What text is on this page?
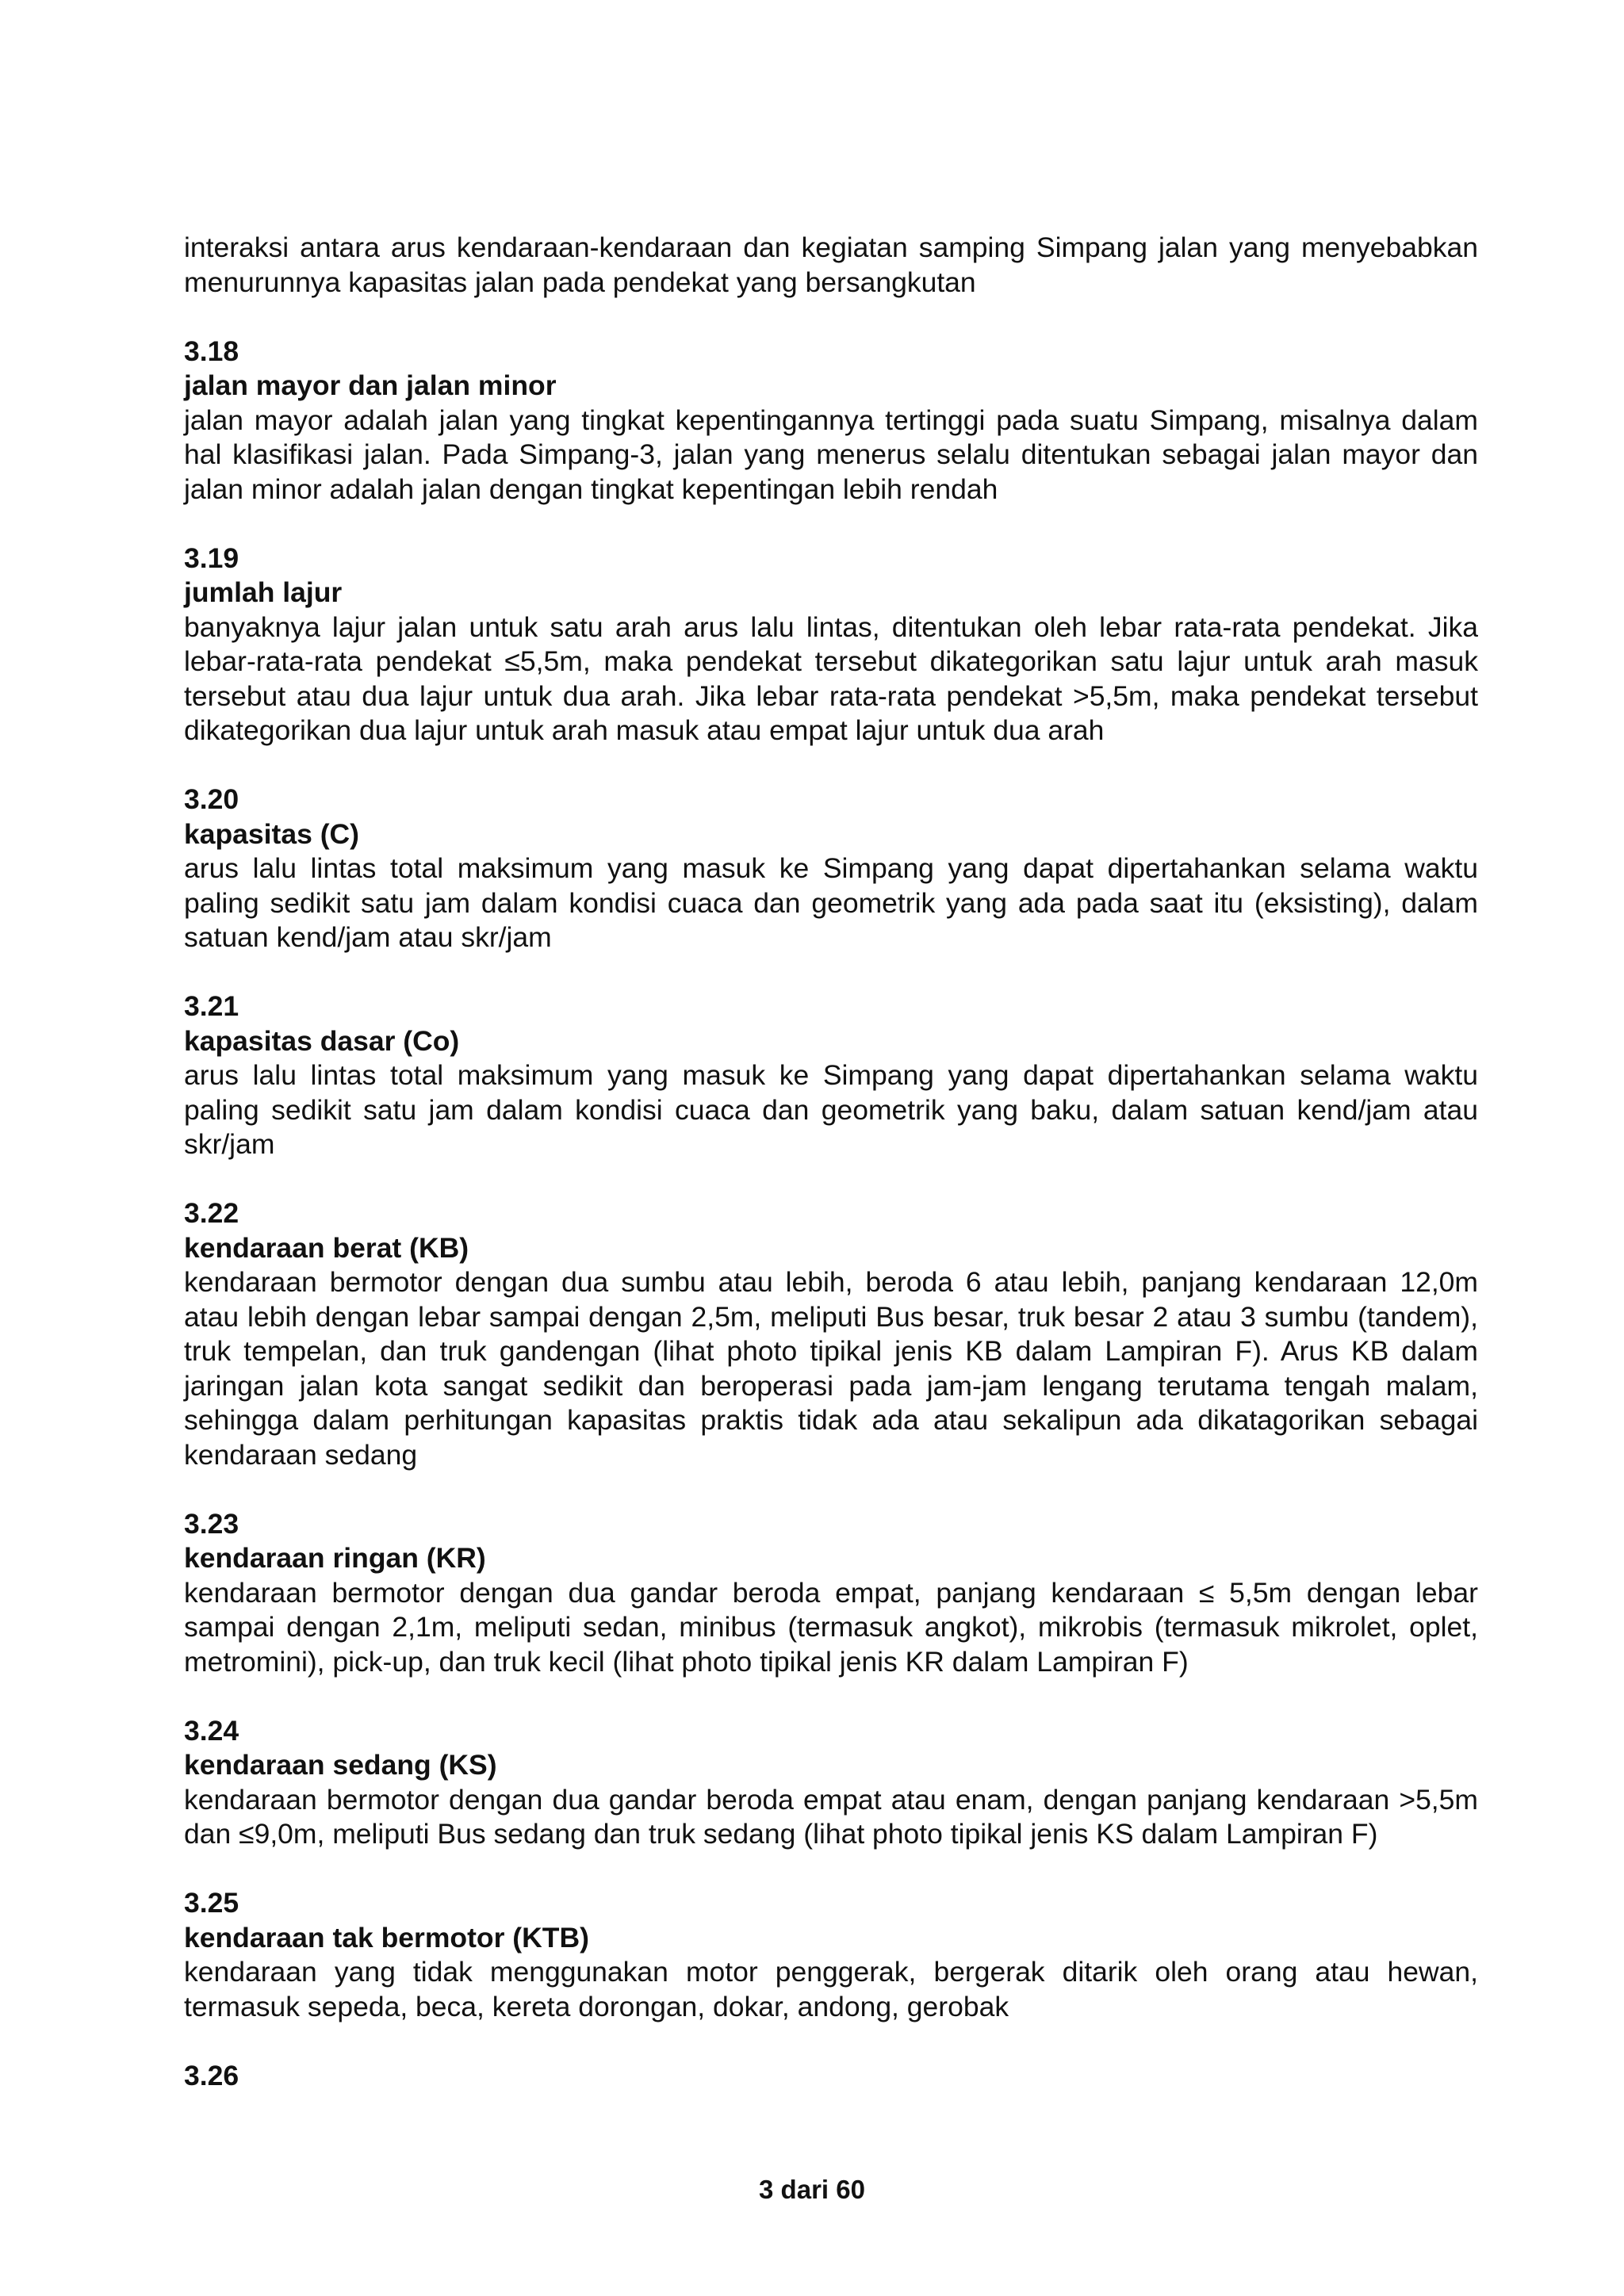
interaksi antara arus kendaraan-kendaraan dan kegiatan samping Simpang jalan yang menyebabkan menurunnya kapasitas jalan pada pendekat yang bersangkutan

3.18

jalan mayor dan jalan minor

jalan mayor adalah jalan yang tingkat kepentingannya tertinggi pada suatu Simpang, misalnya dalam hal klasifikasi jalan. Pada Simpang-3, jalan yang menerus selalu ditentukan sebagai jalan mayor dan jalan minor adalah jalan dengan tingkat kepentingan lebih rendah

3.19

jumlah lajur

banyaknya lajur jalan untuk satu arah arus lalu lintas, ditentukan oleh lebar rata-rata pendekat. Jika lebar-rata-rata pendekat ≤5,5m, maka pendekat tersebut dikategorikan satu lajur untuk arah masuk tersebut atau dua lajur untuk dua arah. Jika lebar rata-rata pendekat >5,5m, maka pendekat tersebut dikategorikan dua lajur untuk arah masuk atau empat lajur untuk dua arah

3.20

kapasitas (C)

arus lalu lintas total maksimum yang masuk ke Simpang yang dapat dipertahankan selama waktu paling sedikit satu jam dalam kondisi cuaca dan geometrik yang ada pada saat itu (eksisting), dalam satuan kend/jam atau skr/jam

3.21

kapasitas dasar (Co)

arus lalu lintas total maksimum yang masuk ke Simpang yang dapat dipertahankan selama waktu paling sedikit satu jam dalam kondisi cuaca dan geometrik yang baku, dalam satuan kend/jam atau skr/jam

3.22

kendaraan berat (KB)

kendaraan bermotor dengan dua sumbu atau lebih, beroda 6 atau lebih, panjang kendaraan 12,0m atau lebih dengan lebar sampai dengan 2,5m, meliputi Bus besar, truk besar 2 atau 3 sumbu (tandem), truk tempelan, dan truk gandengan (lihat photo tipikal jenis KB dalam Lampiran F). Arus KB dalam jaringan jalan kota sangat sedikit dan beroperasi pada jam-jam lengang terutama tengah malam, sehingga dalam perhitungan kapasitas praktis tidak ada atau sekalipun ada dikatagorikan sebagai kendaraan sedang

3.23

kendaraan ringan (KR)

kendaraan bermotor dengan dua gandar beroda empat, panjang kendaraan ≤ 5,5m dengan lebar sampai dengan 2,1m, meliputi sedan, minibus (termasuk angkot), mikrobis (termasuk mikrolet, oplet, metromini), pick-up, dan truk kecil (lihat photo tipikal jenis KR dalam Lampiran F)

3.24

kendaraan sedang (KS)

kendaraan bermotor dengan dua gandar beroda empat atau enam, dengan panjang kendaraan >5,5m dan ≤9,0m, meliputi Bus sedang dan truk sedang (lihat photo tipikal jenis KS dalam Lampiran F)

3.25

kendaraan tak bermotor (KTB)

kendaraan yang tidak menggunakan motor penggerak, bergerak ditarik oleh orang atau hewan, termasuk sepeda, beca, kereta dorongan, dokar, andong, gerobak

3.26

3 dari 60
